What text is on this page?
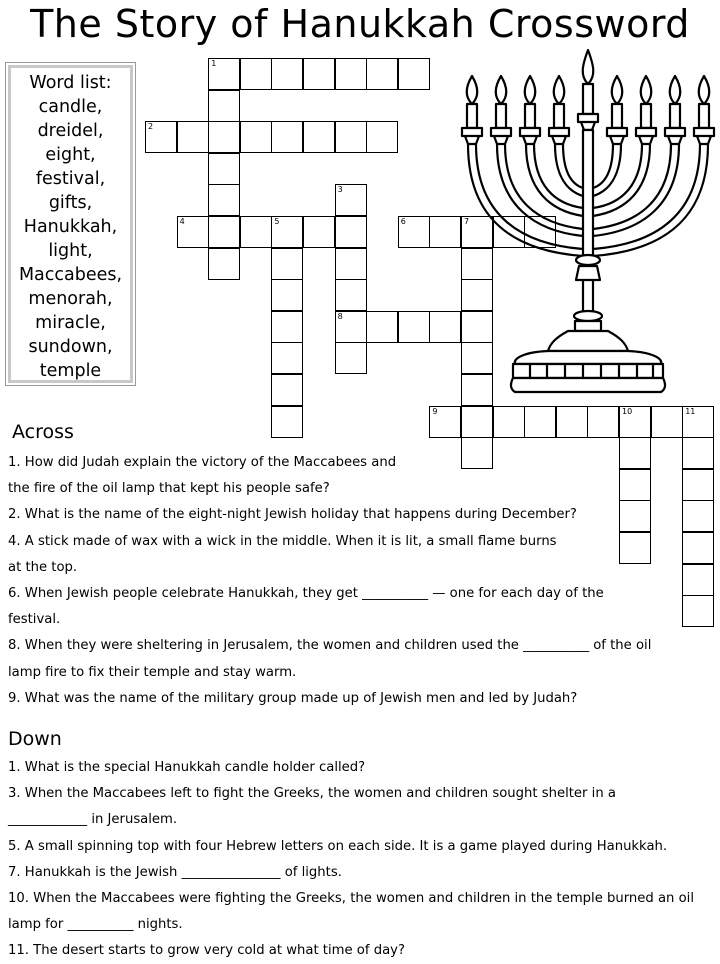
The Story of Hanukkah Crossword
Word list:
candle,
dreidel,
eight,
festival,
gifts,
Hanukkah,
light,
Maccabees,
menorah,
miracle,
sundown,
temple
1
2
4	5	6	7
8
9	10	11
3
Across
1. How did Judah explain the victory of the Maccabees and
the fire of the oil lamp that kept his people safe?
2. What is the name of the eight-night Jewish holiday that happens during December?
4. A stick made of wax with a wick in the middle. When it is lit, a small flame burns
at the top.
6. When Jewish people celebrate Hanukkah, they get __________ — one for each day of the
festival.
8. When they were sheltering in Jerusalem, the women and children used the __________ of the oil
lamp fire to fix their temple and stay warm.
9. What was the name of the military group made up of Jewish men and led by Judah?
Down
1. What is the special Hanukkah candle holder called?
3. When the Maccabees left to fight the Greeks, the women and children sought shelter in a
____________ in Jerusalem.
5. A small spinning top with four Hebrew letters on each side. It is a game played during Hanukkah.
7. Hanukkah is the Jewish _______________ of lights.
10. When the Maccabees were fighting the Greeks, the women and children in the temple burned an oil
lamp for __________ nights.
11. The desert starts to grow very cold at what time of day?
